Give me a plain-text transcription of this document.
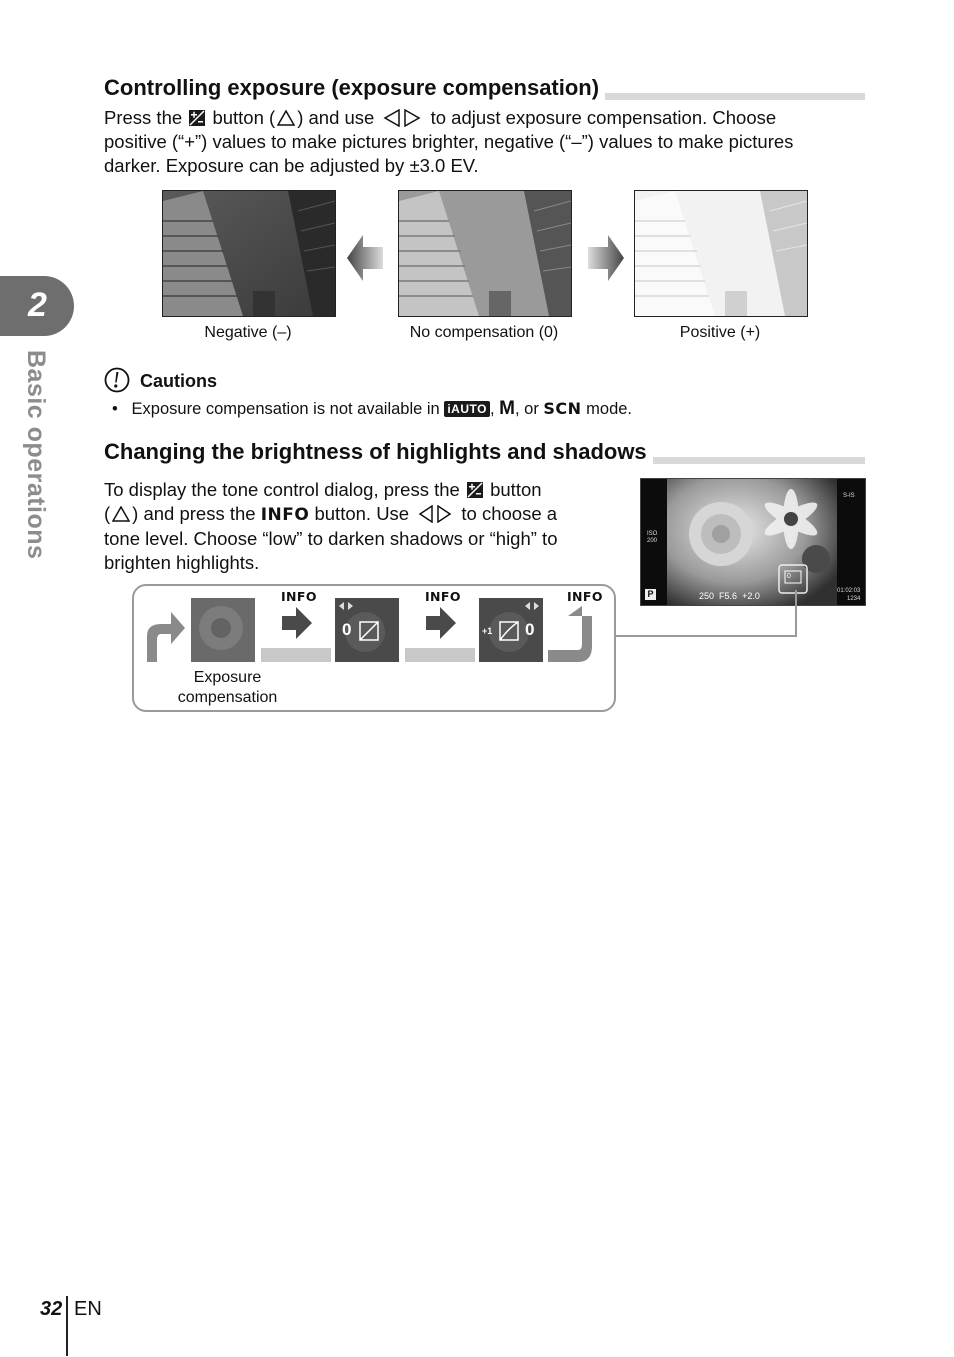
2
Basic operations
Controlling exposure (exposure compensation)
Press the button ( ) and use	to adjust exposure compensation. Choose
positive (“+”) values to make pictures brighter, negative (“–”) values to make pictures
darker. Exposure can be adjusted by ±3.0 EV.
Negative (–)	No compensation (0)	Positive (+)
Cautions
• Exposure compensation is not available in iAUTO , M, or SCN mode.
Changing the brightness of highlights and shadows
To display the tone control dialog, press the button
( ) and press the INFO button. Use	to choose a
tone level. Choose “low” to darken shadows or “high” to
brighten highlights.
ISO
200
P	250 F5.6 +2.0
S-IS
0
01:02:03
1234
INFO
0
INFO
+1 0
INFO
Exposure
compensation
32 EN
